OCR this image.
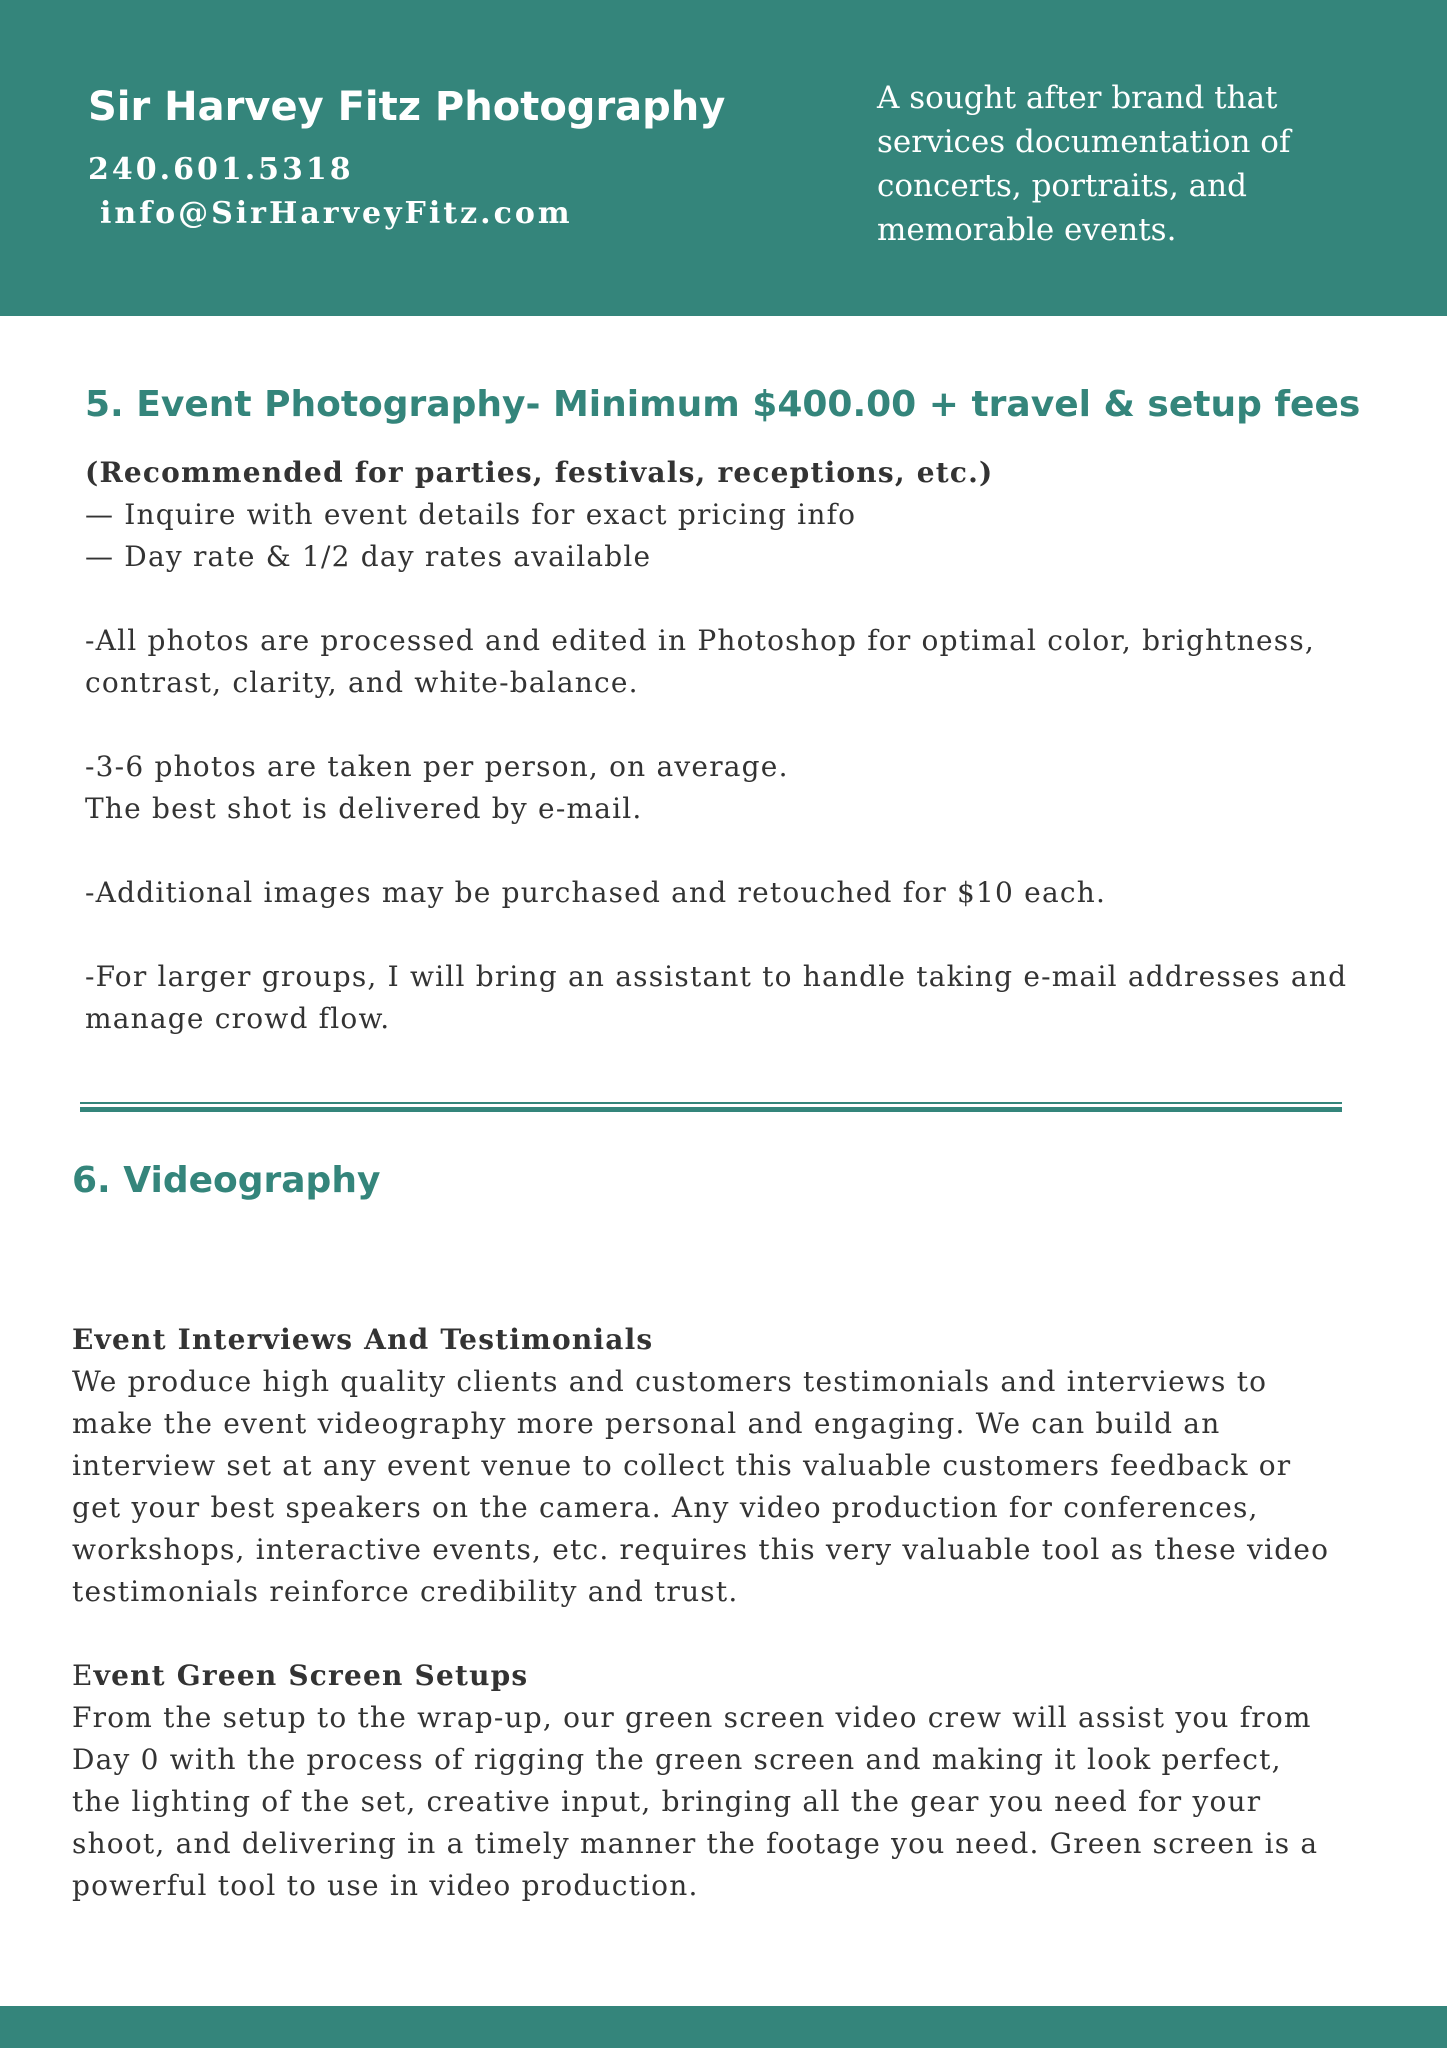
Sir Harvey Fitz Photography
240.601.5318
info@SirHarveyFitz.com

A sought after brand that services documentation of concerts, portraits, and memorable events.

5. Event Photography- Minimum $400.00 + travel & setup fees
(Recommended for parties, festivals, receptions, etc.)
— Inquire with event details for exact pricing info
— Day rate & 1/2 day rates available
-All photos are processed and edited in Photoshop for optimal color, brightness,
contrast, clarity, and white-balance.
-3-6 photos are taken per person, on average.
The best shot is delivered by e-mail.
-Additional images may be purchased and retouched for $10 each.
-For larger groups, I will bring an assistant to handle taking e-mail addresses and
manage crowd flow.
6. Videography
Event Interviews And Testimonials
We produce high quality clients and customers testimonials and interviews to
make the event videography more personal and engaging. We can build an
interview set at any event venue to collect this valuable customers feedback or
get your best speakers on the camera. Any video production for conferences,
workshops, interactive events, etc. requires this very valuable tool as these video
testimonials reinforce credibility and trust.
Event Green Screen Setups
From the setup to the wrap-up, our green screen video crew will assist you from
Day 0 with the process of rigging the green screen and making it look perfect,
the lighting of the set, creative input, bringing all the gear you need for your
shoot, and delivering in a timely manner the footage you need. Green screen is a
powerful tool to use in video production.
